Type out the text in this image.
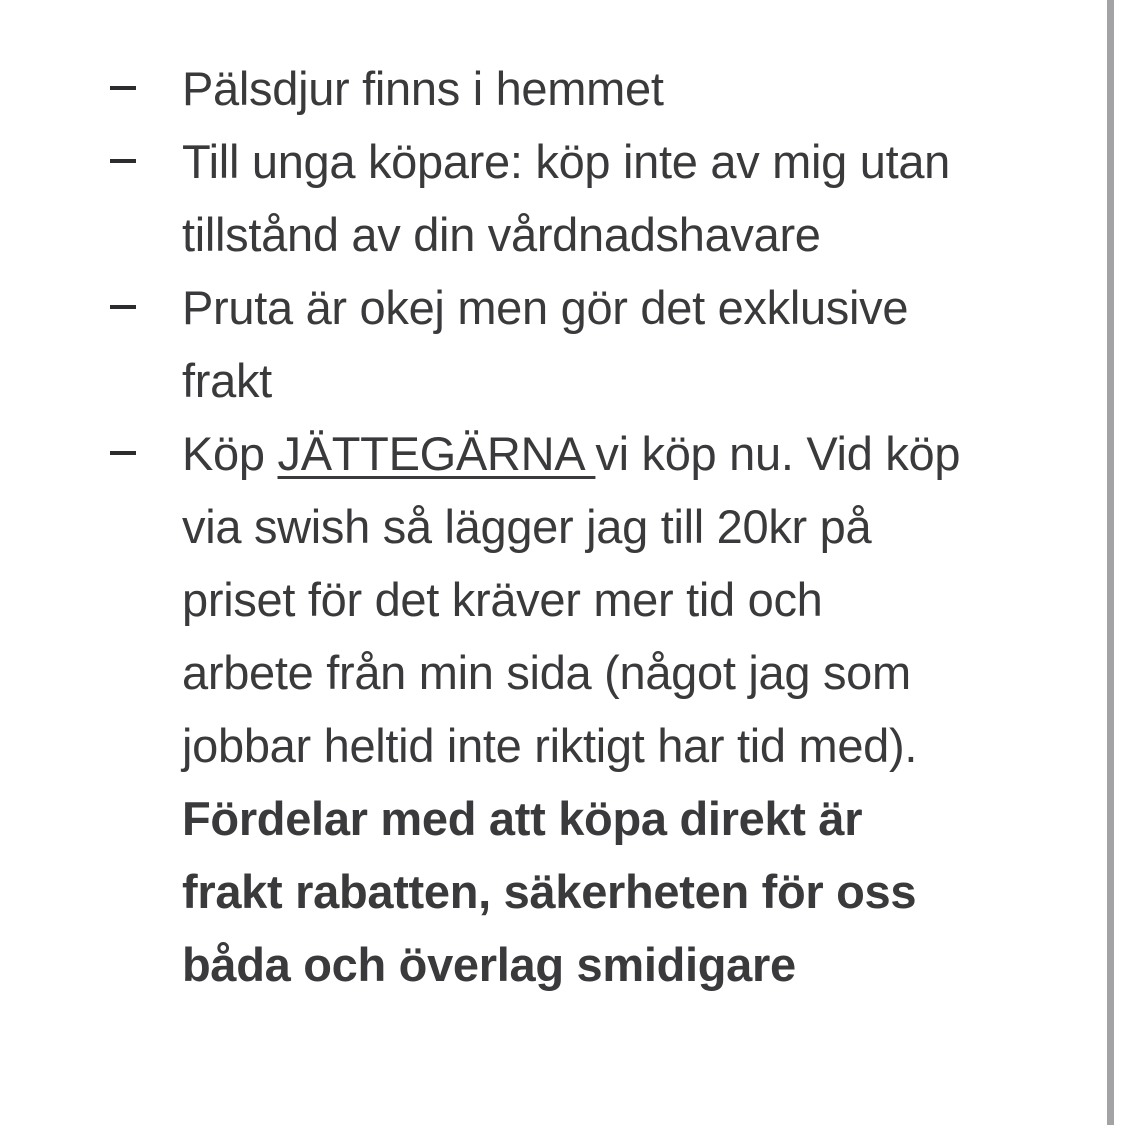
Pälsdjur finns i hemmet
Till unga köpare: köp inte av mig utan
tillstånd av din vårdnadshavare
Pruta är okej men gör det exklusive
frakt
Köp JÄTTEGÄRNA vi köp nu. Vid köp
via swish så lägger jag till 20kr på
priset för det kräver mer tid och
arbete från min sida (något jag som
jobbar heltid inte riktigt har tid med).
Fördelar med att köpa direkt är
frakt rabatten, säkerheten för oss
båda och överlag smidigare
